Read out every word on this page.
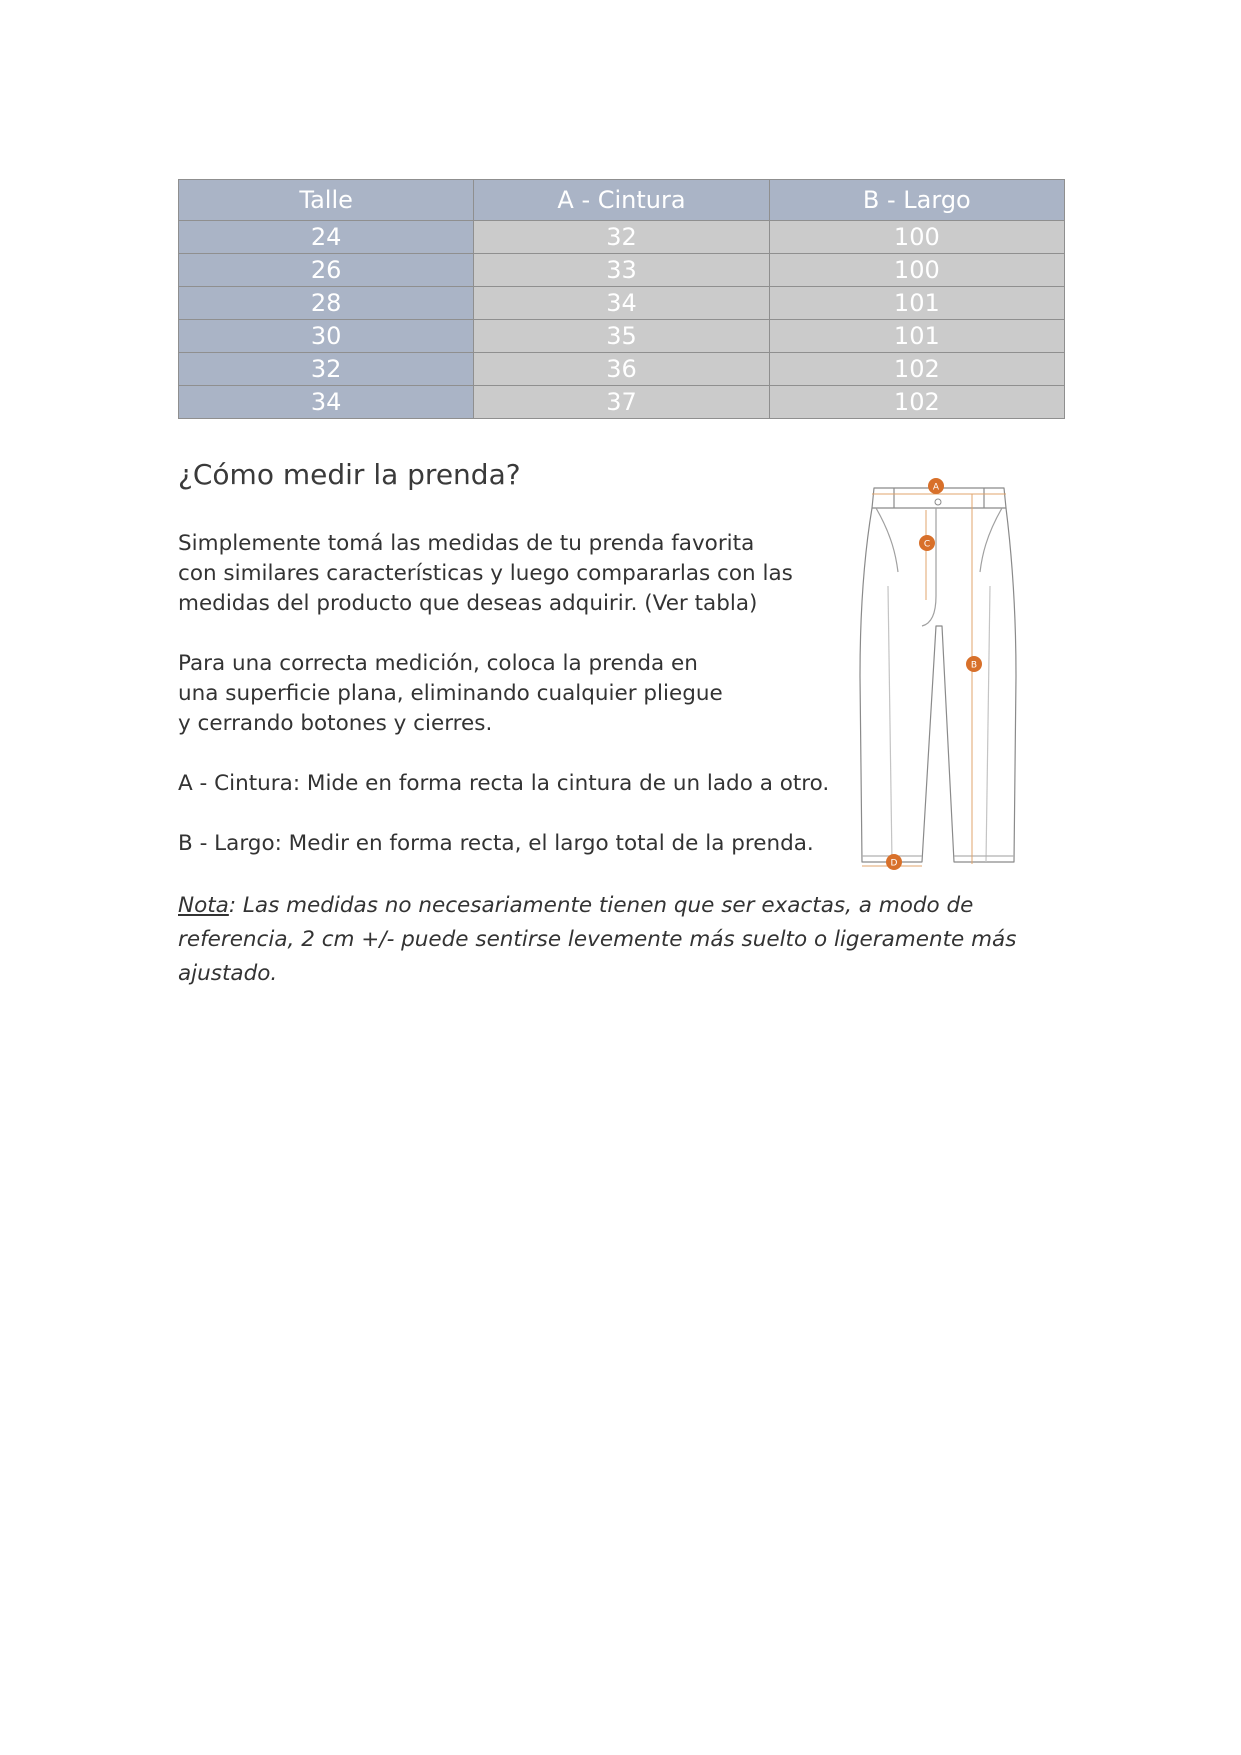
Talle	A - Cintura	B - Largo
24	32	100
26	33	100
28	34	101
30	35	101
32	36	102
34	37	102
¿Cómo medir la prenda?

Simplemente tomá las medidas de tu prenda favorita con similares características y luego compararlas con las medidas del producto que deseas adquirir. (Ver tabla)

Para una correcta medición, coloca la prenda en una superficie plana, eliminando cualquier pliegue y cerrando botones y cierres.

A - Cintura: Mide en forma recta la cintura de un lado a otro.

B - Largo: Medir en forma recta, el largo total de la prenda.

Nota: Las medidas no necesariamente tienen que ser exactas, a modo de referencia, 2 cm +/- puede sentirse levemente más suelto o ligeramente más ajustado.

A
C
B
D
